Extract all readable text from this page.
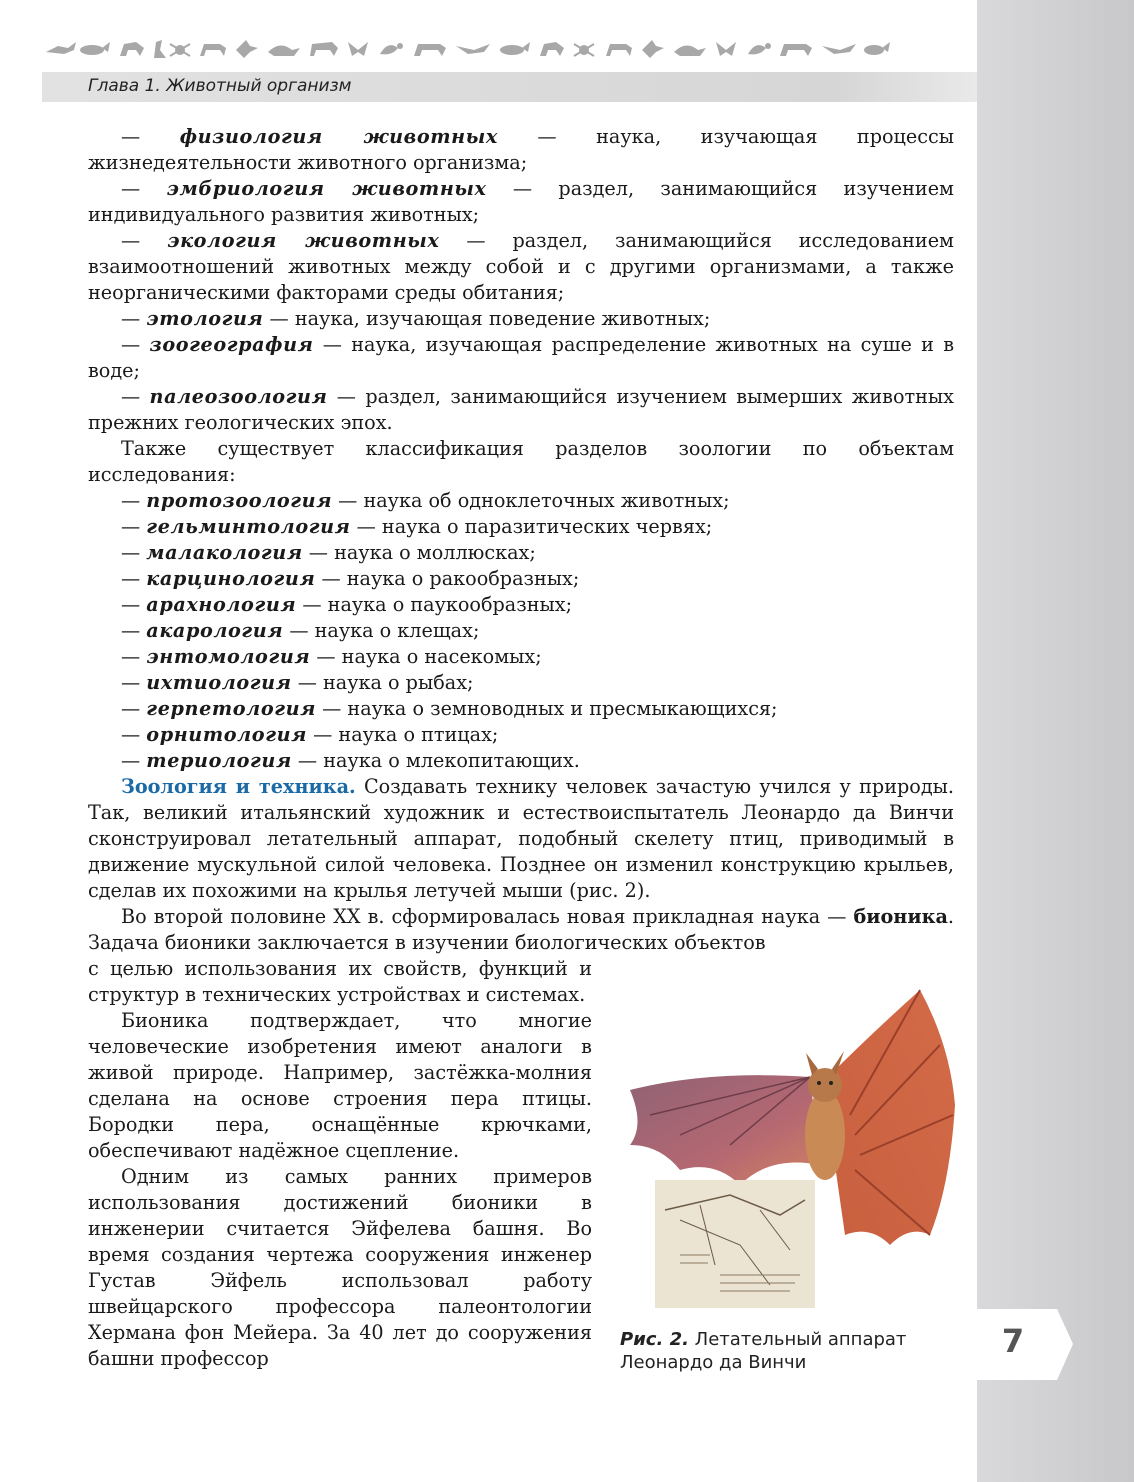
Глава 1. Животный организм

— физиология животных — наука, изучающая процессы жизнедеятельности животного организма;

— эмбриология животных — раздел, занимающийся изучением индивидуального развития животных;

— экология животных — раздел, занимающийся исследованием взаимоотношений животных между собой и с другими организмами, а также неорганическими факторами среды обитания;

— этология — наука, изучающая поведение животных;

— зоогеография — наука, изучающая распределение животных на суше и в воде;

— палеозоология — раздел, занимающийся изучением вымерших животных прежних геологических эпох.

Также существует классификация разделов зоологии по объектам исследования:

— протозоология — наука об одноклеточных животных;

— гельминтология — наука о паразитических червях;

— малакология — наука о моллюсках;

— карцинология — наука о ракообразных;

— арахнология — наука о паукообразных;

— акарология — наука о клещах;

— энтомология — наука о насекомых;

— ихтиология — наука о рыбах;

— герпетология — наука о земноводных и пресмыкающихся;

— орнитология — наука о птицах;

— териология — наука о млекопитающих.

Зоология и техника. Создавать технику человек зачастую учился у природы. Так, великий итальянский художник и естествоиспытатель Леонардо да Винчи сконструировал летательный аппарат, подобный скелету птиц, приводимый в движение мускульной силой человека. Позднее он изменил конструкцию крыльев, сделав их похожими на крылья летучей мыши (рис. 2).

Во второй половине XX в. сформировалась новая прикладная наука — бионика. Задача бионики заключается в изучении биологических объектов

с целью использования их свойств, функций и структур в технических устройствах и системах.

Бионика подтверждает, что многие человеческие изобретения имеют аналоги в живой природе. Например, застёжка-молния сделана на основе строения пера птицы. Бородки пера, оснащённые крючками, обеспечивают надёжное сцепление.

Одним из самых ранних примеров использования достижений бионики в инженерии считается Эйфелева башня. Во время создания чертежа сооружения инженер Густав Эйфель использовал работу швейцарского профессора палеонтологии Хермана фон Мейера. За 40 лет до сооружения башни профессор

Рис. 2. Летательный аппарат Леонардо да Винчи
7
